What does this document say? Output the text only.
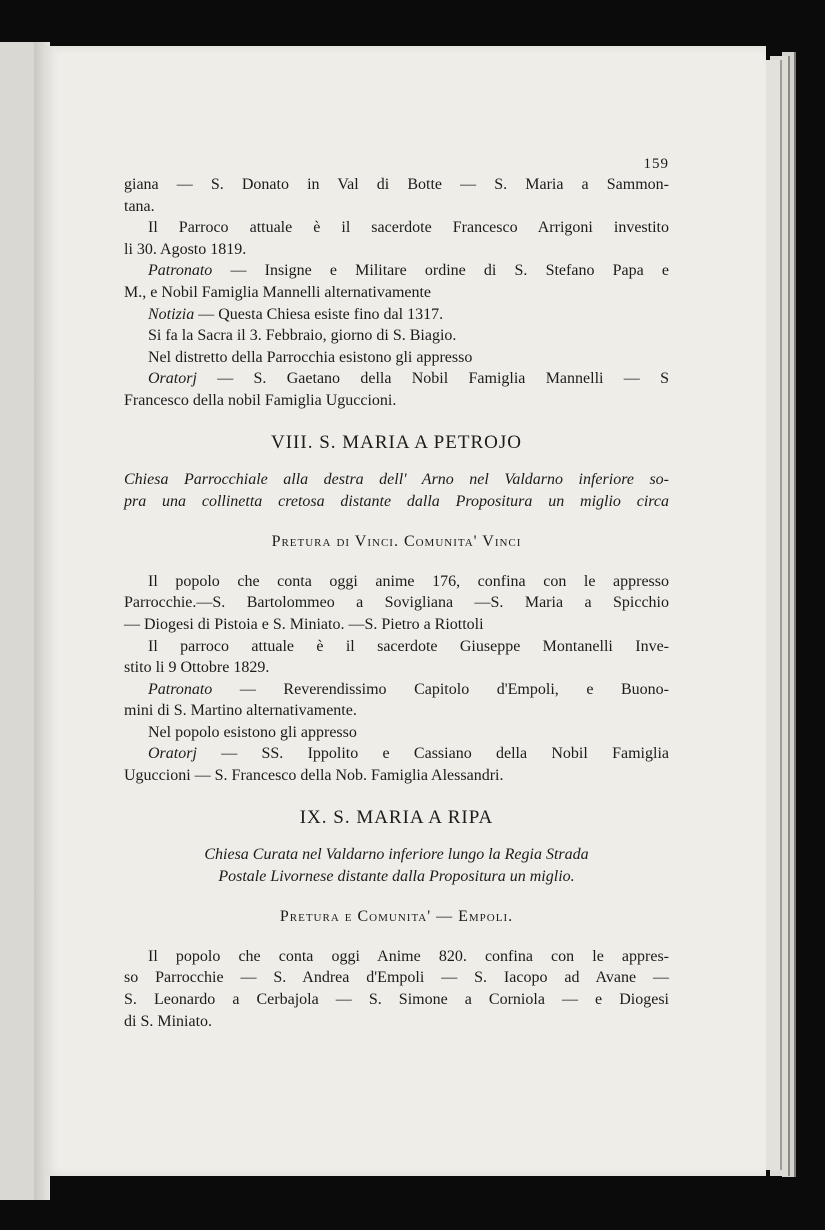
159
giana — S. Donato in Val di Botte — S. Maria a Sammon-
tana.
Il Parroco attuale è il sacerdote Francesco Arrigoni investito
li 30. Agosto 1819.
Patronato — Insigne e Militare ordine di S. Stefano Papa e
M., e Nobil Famiglia Mannelli alternativamente
Notizia — Questa Chiesa esiste fino dal 1317.
Si fa la Sacra il 3. Febbraio, giorno di S. Biagio.
Nel distretto della Parrocchia esistono gli appresso
Oratorj — S. Gaetano della Nobil Famiglia Mannelli — S
Francesco della nobil Famiglia Uguccioni.
VIII. S. MARIA A PETROJO
Chiesa Parrocchiale alla destra dell' Arno nel Valdarno inferiore so-
pra una collinetta cretosa distante dalla Propositura un miglio circa
Pretura di Vinci. Comunita' Vinci
Il popolo che conta oggi anime 176, confina con le appresso
Parrocchie.—S. Bartolommeo a Sovigliana —S. Maria a Spicchio
— Diogesi di Pistoia e S. Miniato. —S. Pietro a Riottoli
Il parroco attuale è il sacerdote Giuseppe Montanelli Inve-
stito li 9 Ottobre 1829.
Patronato — Reverendissimo Capitolo d'Empoli, e Buono-
mini di S. Martino alternativamente.
Nel popolo esistono gli appresso
Oratorj — SS. Ippolito e Cassiano della Nobil Famiglia
Uguccioni — S. Francesco della Nob. Famiglia Alessandri.
IX. S. MARIA A RIPA
Chiesa Curata nel Valdarno inferiore lungo la Regia Strada
Postale Livornese distante dalla Propositura un miglio.
Pretura e Comunita' — Empoli.
Il popolo che conta oggi Anime 820. confina con le appres-
so Parrocchie — S. Andrea d'Empoli — S. Iacopo ad Avane —
S. Leonardo a Cerbajola — S. Simone a Corniola — e Diogesi
di S. Miniato.
